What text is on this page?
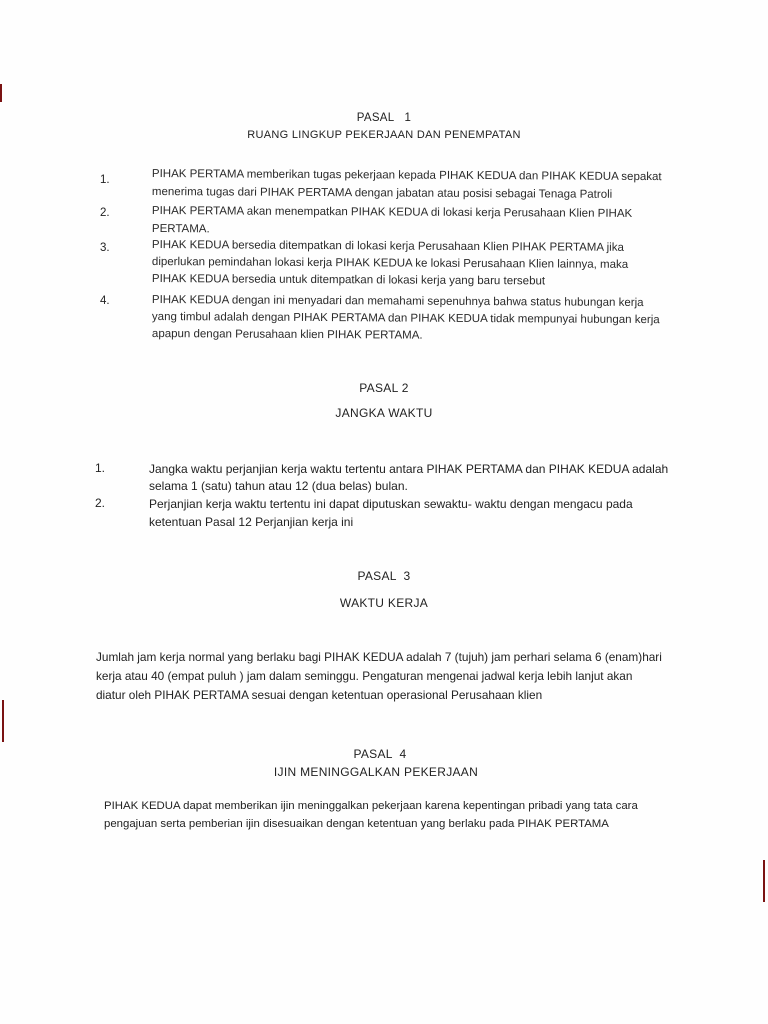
PASAL   1
RUANG LINGKUP PEKERJAAN DAN PENEMPATAN
1.	PIHAK PERTAMA memberikan tugas pekerjaan kepada PIHAK KEDUA dan PIHAK KEDUA sepakat
menerima tugas dari PIHAK PERTAMA dengan jabatan atau posisi sebagai Tenaga Patroli
2.	PIHAK PERTAMA akan menempatkan PIHAK KEDUA di lokasi kerja Perusahaan Klien PIHAK
PERTAMA.
3.	PIHAK KEDUA bersedia ditempatkan di lokasi kerja Perusahaan Klien PIHAK PERTAMA jika
diperlukan pemindahan lokasi kerja PIHAK KEDUA ke lokasi Perusahaan Klien lainnya, maka
PIHAK KEDUA bersedia untuk ditempatkan di lokasi kerja yang baru tersebut
4.	PIHAK KEDUA dengan ini menyadari dan memahami sepenuhnya bahwa status hubungan kerja
yang timbul adalah dengan PIHAK PERTAMA dan PIHAK KEDUA tidak mempunyai hubungan kerja
apapun dengan Perusahaan klien PIHAK PERTAMA.
PASAL 2
JANGKA WAKTU
1.	Jangka waktu perjanjian kerja waktu tertentu antara PIHAK PERTAMA dan PIHAK KEDUA adalah
selama 1 (satu) tahun atau 12 (dua belas) bulan.
2.	Perjanjian kerja waktu tertentu ini dapat diputuskan sewaktu- waktu dengan mengacu pada
ketentuan Pasal 12 Perjanjian kerja ini
PASAL  3
WAKTU KERJA
Jumlah jam kerja normal yang berlaku bagi PIHAK KEDUA adalah 7 (tujuh) jam perhari selama 6 (enam)hari
kerja atau 40 (empat puluh ) jam dalam seminggu. Pengaturan mengenai jadwal kerja lebih lanjut akan
diatur oleh PIHAK PERTAMA sesuai dengan ketentuan operasional Perusahaan klien
PASAL  4
IJIN MENINGGALKAN PEKERJAAN
PIHAK KEDUA dapat memberikan ijin meninggalkan pekerjaan karena kepentingan pribadi yang tata cara
pengajuan serta pemberian ijin disesuaikan dengan ketentuan yang berlaku pada PIHAK PERTAMA
